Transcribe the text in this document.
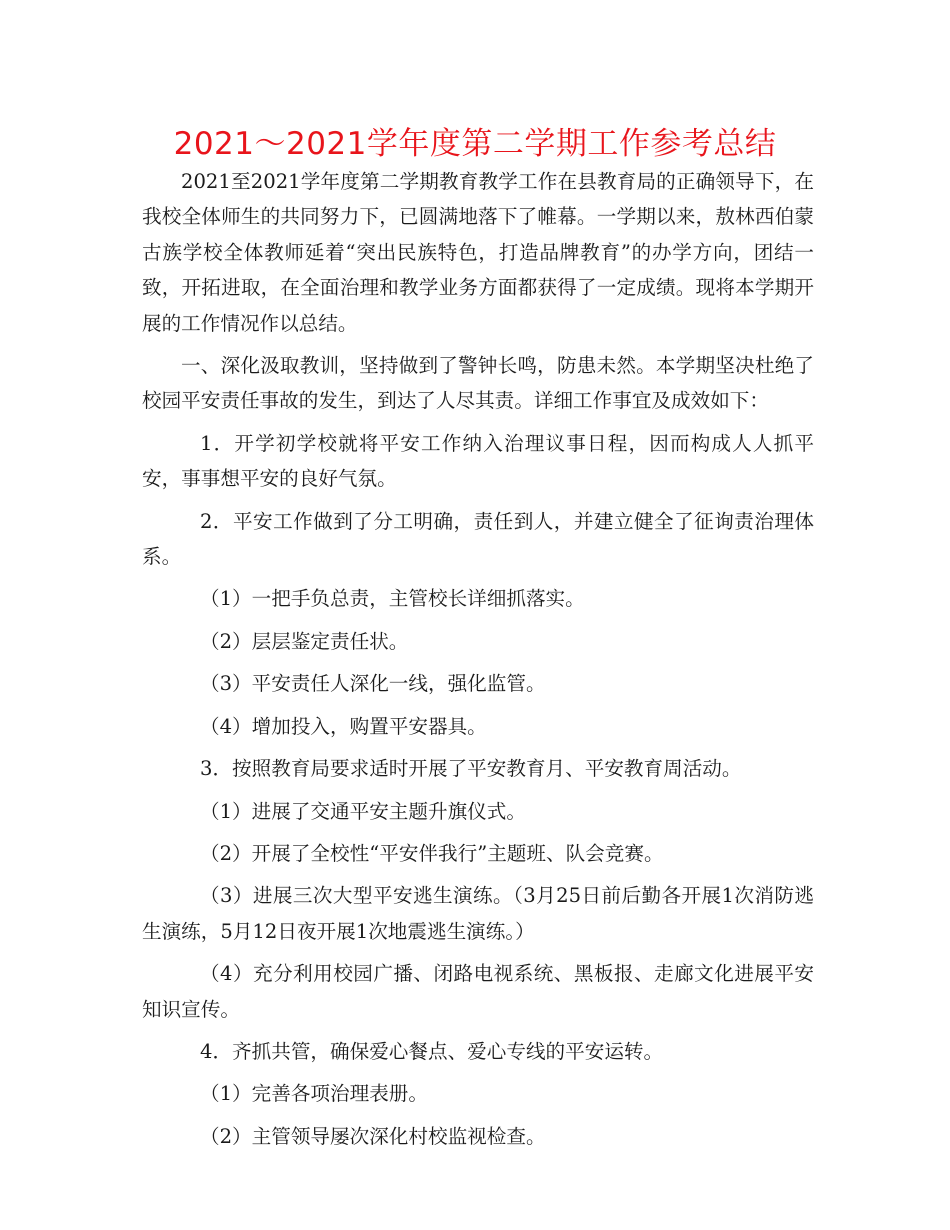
2021～2021学年度第二学期工作参考总结

2021至2021学年度第二学期教育教学工作在县教育局的正确领导下，在我校全体师生的共同努力下，已圆满地落下了帷幕。一学期以来，敖林西伯蒙古族学校全体教师延着“突出民族特色，打造品牌教育”的办学方向，团结一致，开拓进取，在全面治理和教学业务方面都获得了一定成绩。现将本学期开展的工作情况作以总结。

一、深化汲取教训，坚持做到了警钟长鸣，防患未然。本学期坚决杜绝了校园平安责任事故的发生，到达了人尽其责。详细工作事宜及成效如下：

1．开学初学校就将平安工作纳入治理议事日程，因而构成人人抓平安，事事想平安的良好气氛。

2．平安工作做到了分工明确，责任到人，并建立健全了征询责治理体系。

（1）一把手负总责，主管校长详细抓落实。

（2）层层鉴定责任状。

（3）平安责任人深化一线，强化监管。

（4）增加投入，购置平安器具。

3．按照教育局要求适时开展了平安教育月、平安教育周活动。

（1）进展了交通平安主题升旗仪式。

（2）开展了全校性“平安伴我行”主题班、队会竞赛。

（3）进展三次大型平安逃生演练。（3月25日前后勤各开展1次消防逃生演练，5月12日夜开展1次地震逃生演练。）

（4）充分利用校园广播、闭路电视系统、黑板报、走廊文化进展平安知识宣传。

4．齐抓共管，确保爱心餐点、爱心专线的平安运转。

（1）完善各项治理表册。

（2）主管领导屡次深化村校监视检查。
